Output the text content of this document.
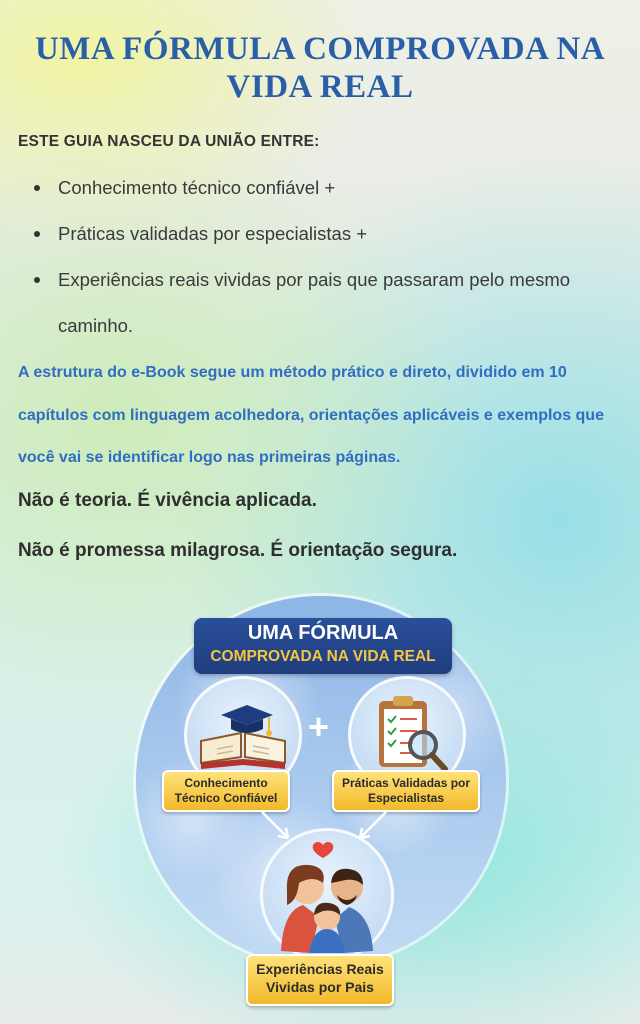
UMA FÓRMULA COMPROVADA NA VIDA REAL
ESTE GUIA NASCEU DA UNIÃO ENTRE:
Conhecimento técnico confiável +
Práticas validadas por especialistas +
Experiências reais vividas por pais que passaram pelo mesmo caminho.
A estrutura do e-Book segue um método prático e direto, dividido em 10 capítulos com linguagem acolhedora, orientações aplicáveis e exemplos que você vai se identificar logo nas primeiras páginas.
Não é teoria. É vivência aplicada.
Não é promessa milagrosa. É orientação segura.
UMA FÓRMULA
COMPROVADA NA VIDA REAL
+
Conhecimento Técnico Confiável
Práticas Validadas por Especialistas
Experiências Reais Vividas por Pais
